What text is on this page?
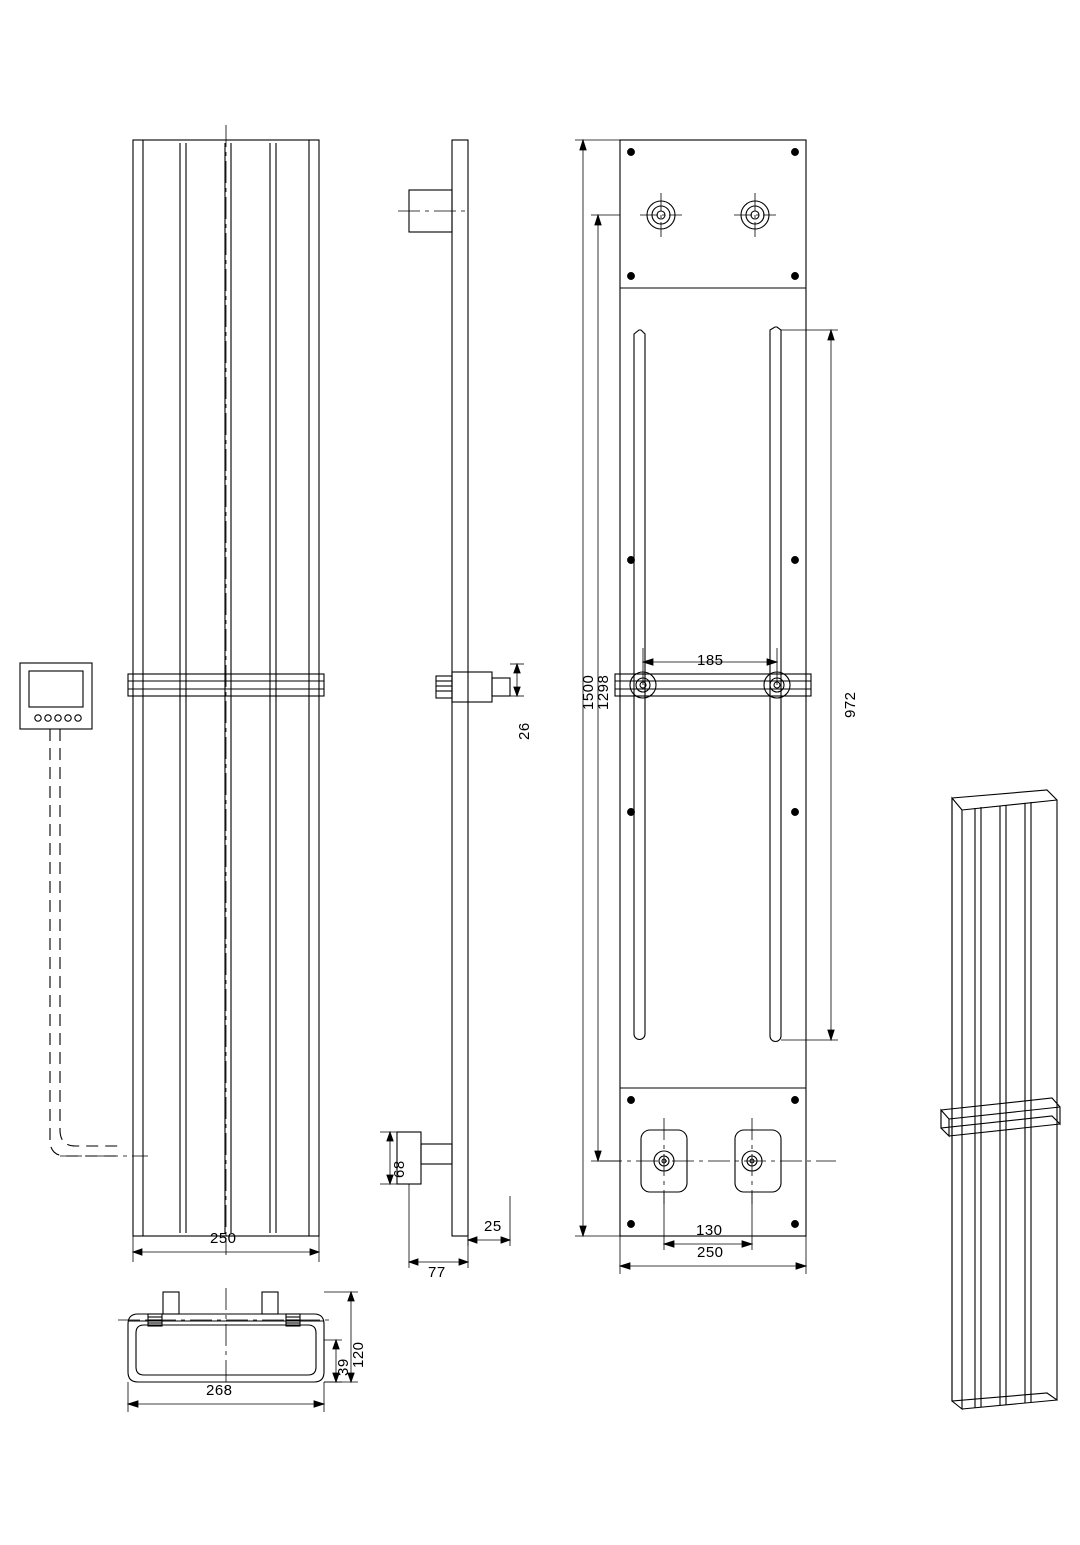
250
77
25
26
68
1500
1298	972
185
130
250
120
39
268
